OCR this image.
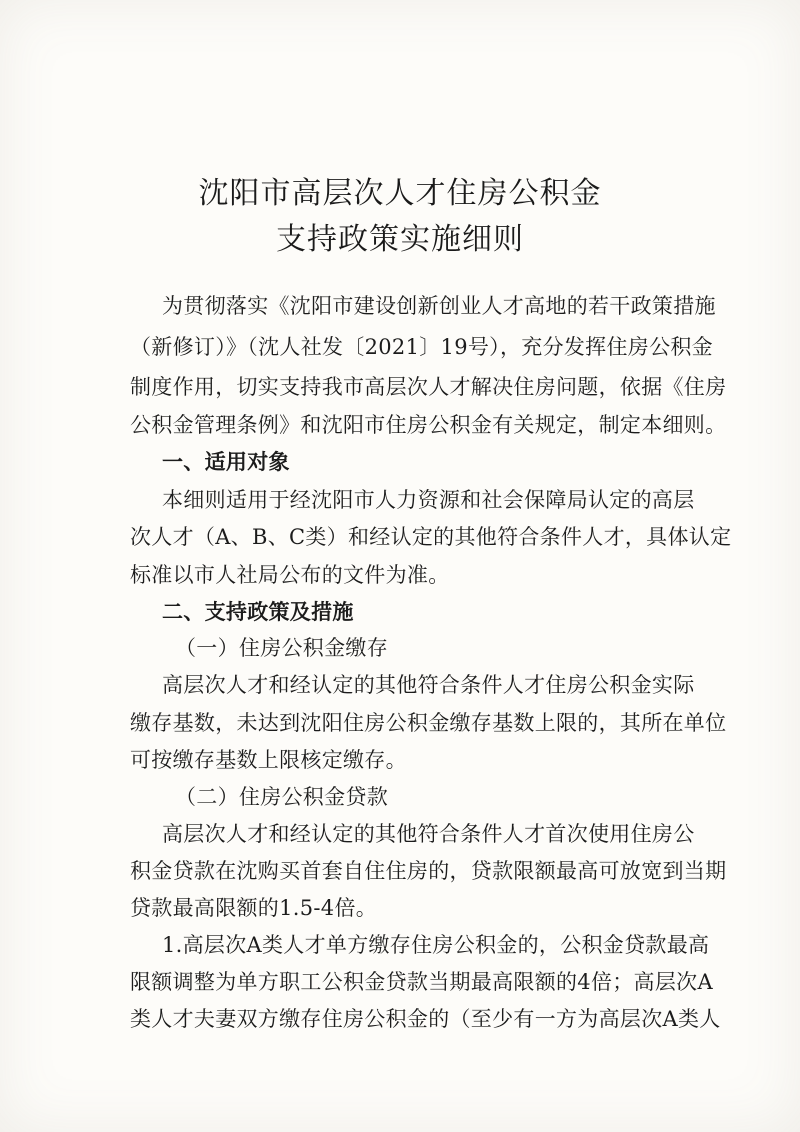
沈阳市高层次人才住房公积金
支持政策实施细则
为贯彻落实《沈阳市建设创新创业人才高地的若干政策措施
（新修订）》（沈人社发〔2021〕19号），充分发挥住房公积金
制度作用，切实支持我市高层次人才解决住房问题，依据《住房
公积金管理条例》和沈阳市住房公积金有关规定，制定本细则。
一、适用对象
本细则适用于经沈阳市人力资源和社会保障局认定的高层
次人才（A、B、C类）和经认定的其他符合条件人才，具体认定
标准以市人社局公布的文件为准。
二、支持政策及措施
（一）住房公积金缴存
高层次人才和经认定的其他符合条件人才住房公积金实际
缴存基数，未达到沈阳住房公积金缴存基数上限的，其所在单位
可按缴存基数上限核定缴存。
（二）住房公积金贷款
高层次人才和经认定的其他符合条件人才首次使用住房公
积金贷款在沈购买首套自住住房的，贷款限额最高可放宽到当期
贷款最高限额的1.5-4倍。
1.高层次A类人才单方缴存住房公积金的，公积金贷款最高
限额调整为单方职工公积金贷款当期最高限额的4倍；高层次A
类人才夫妻双方缴存住房公积金的（至少有一方为高层次A类人
